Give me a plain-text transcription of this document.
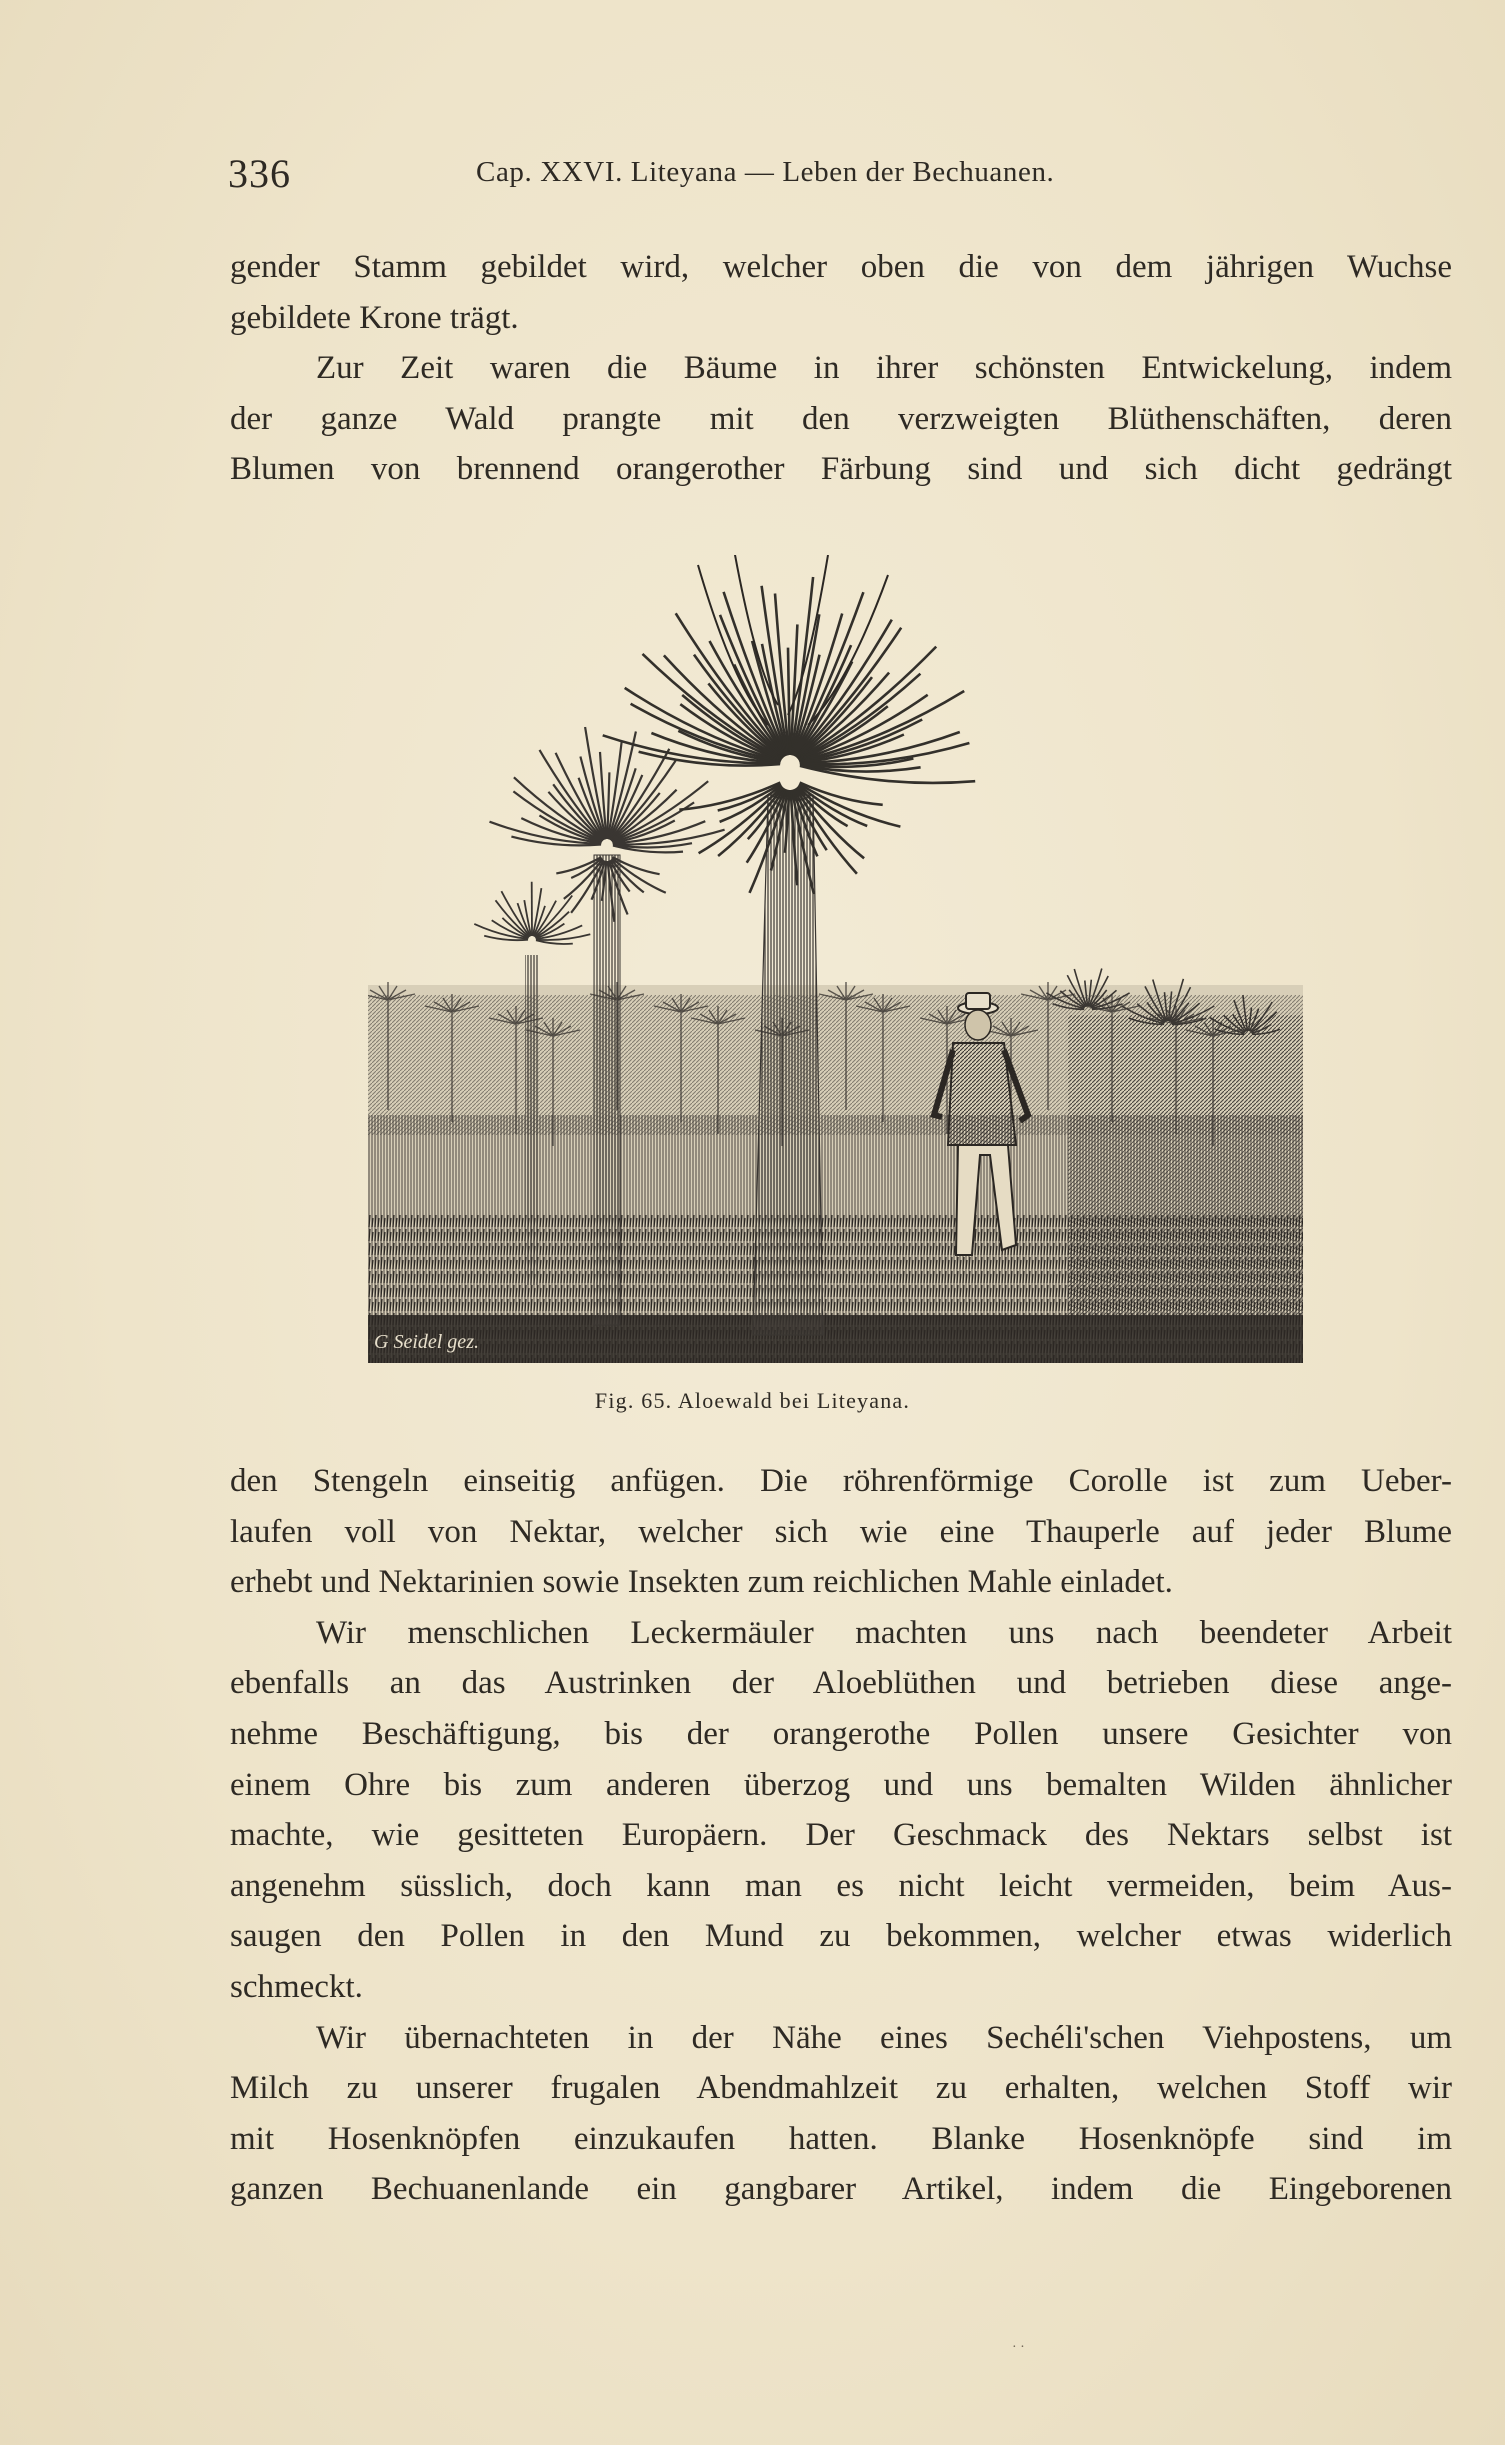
336	Cap. XXVI. Liteyana — Leben der Bechuanen.
gender Stamm gebildet wird, welcher oben die von dem jährigen Wuchse
gebildete Krone trägt.
Zur Zeit waren die Bäume in ihrer schönsten Entwickelung, indem
der ganze Wald prangte mit den verzweigten Blüthenschäften, deren
Blumen von brennend orangerother Färbung sind und sich dicht gedrängt
G Seidel gez.
Fig. 65. Aloewald bei Liteyana.
den Stengeln einseitig anfügen. Die röhrenförmige Corolle ist zum Ueber-
laufen voll von Nektar, welcher sich wie eine Thauperle auf jeder Blume
erhebt und Nektarinien sowie Insekten zum reichlichen Mahle einladet.
Wir menschlichen Leckermäuler machten uns nach beendeter Arbeit
ebenfalls an das Austrinken der Aloeblüthen und betrieben diese ange-
nehme Beschäftigung, bis der orangerothe Pollen unsere Gesichter von
einem Ohre bis zum anderen überzog und uns bemalten Wilden ähnlicher
machte, wie gesitteten Europäern. Der Geschmack des Nektars selbst ist
angenehm süsslich, doch kann man es nicht leicht vermeiden, beim Aus-
saugen den Pollen in den Mund zu bekommen, welcher etwas widerlich
schmeckt.
Wir übernachteten in der Nähe eines Sechéli'schen Viehpostens, um
Milch zu unserer frugalen Abendmahlzeit zu erhalten, welchen Stoff wir
mit Hosenknöpfen einzukaufen hatten. Blanke Hosenknöpfe sind im
ganzen Bechuanenlande ein gangbarer Artikel, indem die Eingeborenen
· ·
